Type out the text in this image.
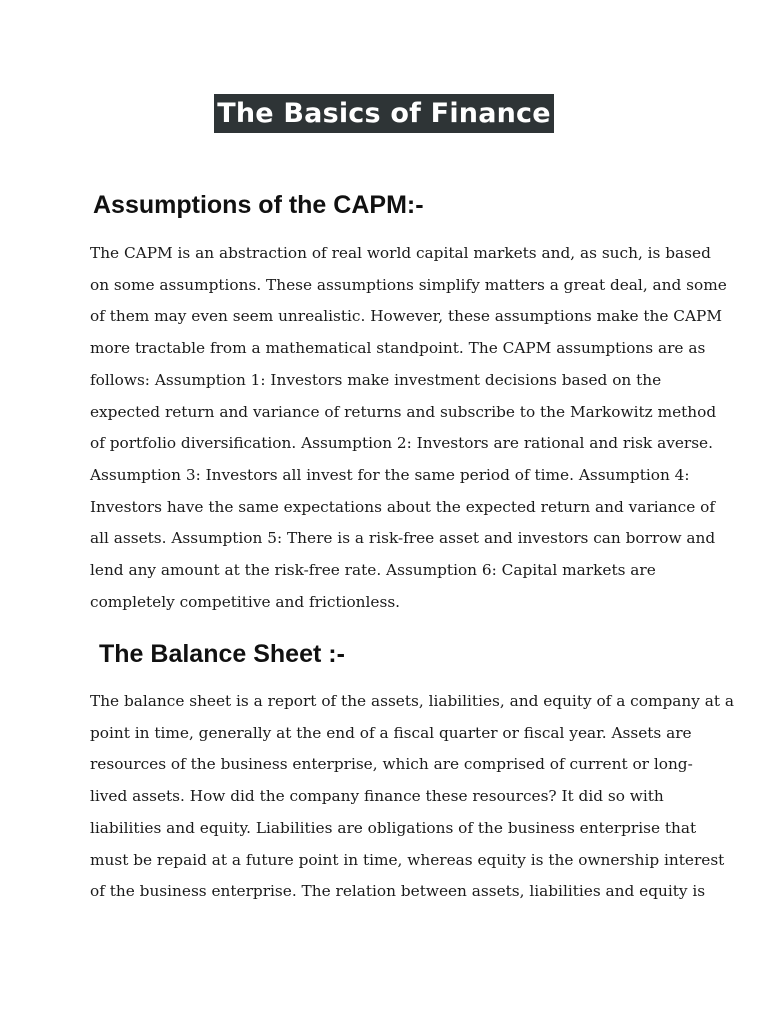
The Basics of Finance
Assumptions of the CAPM:-

The CAPM is an abstraction of real world capital markets and, as such, is based
on some assumptions. These assumptions simplify matters a great deal, and some
of them may even seem unrealistic. However, these assumptions make the CAPM
more tractable from a mathematical standpoint. The CAPM assumptions are as
follows: Assumption 1: Investors make investment decisions based on the
expected return and variance of returns and subscribe to the Markowitz method
of portfolio diversification. Assumption 2: Investors are rational and risk averse.
Assumption 3: Investors all invest for the same period of time. Assumption 4:
Investors have the same expectations about the expected return and variance of
all assets. Assumption 5: There is a risk-free asset and investors can borrow and
lend any amount at the risk-free rate. Assumption 6: Capital markets are
completely competitive and frictionless.

The Balance Sheet :-

The balance sheet is a report of the assets, liabilities, and equity of a company at a
point in time, generally at the end of a fiscal quarter or fiscal year. Assets are
resources of the business enterprise, which are comprised of current or long-
lived assets. How did the company finance these resources? It did so with
liabilities and equity. Liabilities are obligations of the business enterprise that
must be repaid at a future point in time, whereas equity is the ownership interest
of the business enterprise. The relation between assets, liabilities and equity is
